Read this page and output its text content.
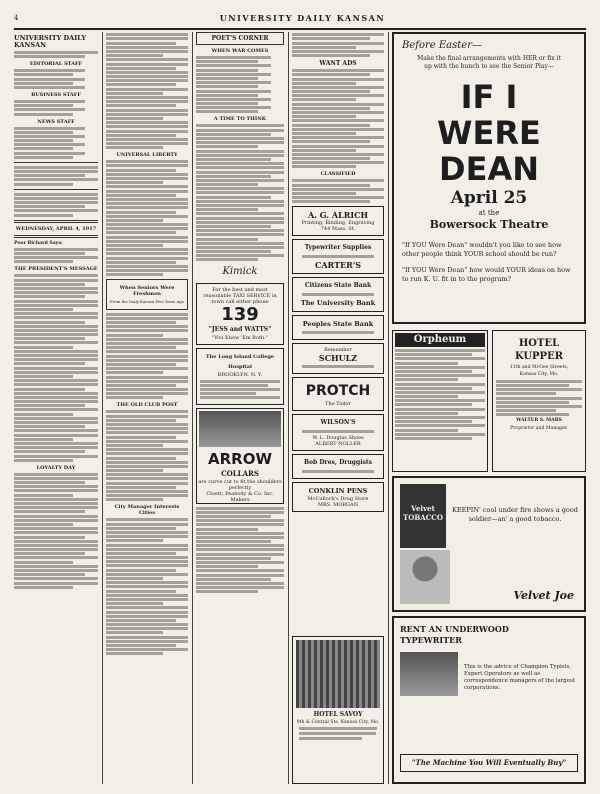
4	UNIVERSITY DAILY KANSAN
UNIVERSITY DAILY KANSAN
EDITORIAL STAFF
BUSINESS STAFF
NEWS STAFF
WEDNESDAY, APRIL 4, 1917
Poor Richard Says:
THE PRESIDENT'S MESSAGE
LOYALTY DAY
UNIVERSAL LIBERTY
When Seniors Were Freshmen
From the Daily Kansan Five Years Ago
THE OLD CLUB POST
City Manager Interests Cities
POET'S CORNER
WHEN WAR COMES
A TIME TO THINK
Kimick
For the best and most reasonable TAXI SERVICE in town call either phone
139
"JESS and WATTS"
"You Know 'Em Both."
The Long Island College Hospital
BROOKLYN, N. Y.
ARROW
COLLARS
are curve cut to fit the shoulders perfectly
Cluett, Peabody & Co. Inc. Makers
WANT ADS
CLASSIFIED
A. G. ALRICH
Printing, Binding, Engraving
744 Mass. St.
Typewriter Supplies
CARTER'S
Citizens State Bank
The University Bank
Peoples State Bank
Remember
SCHULZ
PROTCH
The Tailor
WILSON'S
W. L. Douglas Shoes
ALBERT NOLLER
Bob Dres, Druggists
CONKLIN PENS
McCulloch's Drug Store
MRS. MORGAN
HOTEL SAVOY
9th & Central Sts. Kansas City, Mo.
Before Easter—
Make the final arrangements with HER or fix it up with the bunch to see the Senior Play—
IF I
WERE DEAN
April 25
at the
Bowersock Theatre
"If YOU Were Dean" wouldn't you like to see how other people think YOUR school should be run?
"If YOU Were Dean" how would YOUR ideas on how to run K. U. fit in to the program?
Orpheum	HOTEL KUPPER
11th and McGee Streets,
Kansas City, Mo.
WALTER S. MARS
Proprietor and Manager.
Velvet TOBACCO
KEEPIN' cool under fire shows a good soldier—an' a good tobacco.
Velvet Joe
RENT AN UNDERWOOD TYPEWRITER
This is the advice of Champion Typists, Expert Operators as well as correspondence managers of the largest corporations.
"The Machine You Will Eventually Buy"
